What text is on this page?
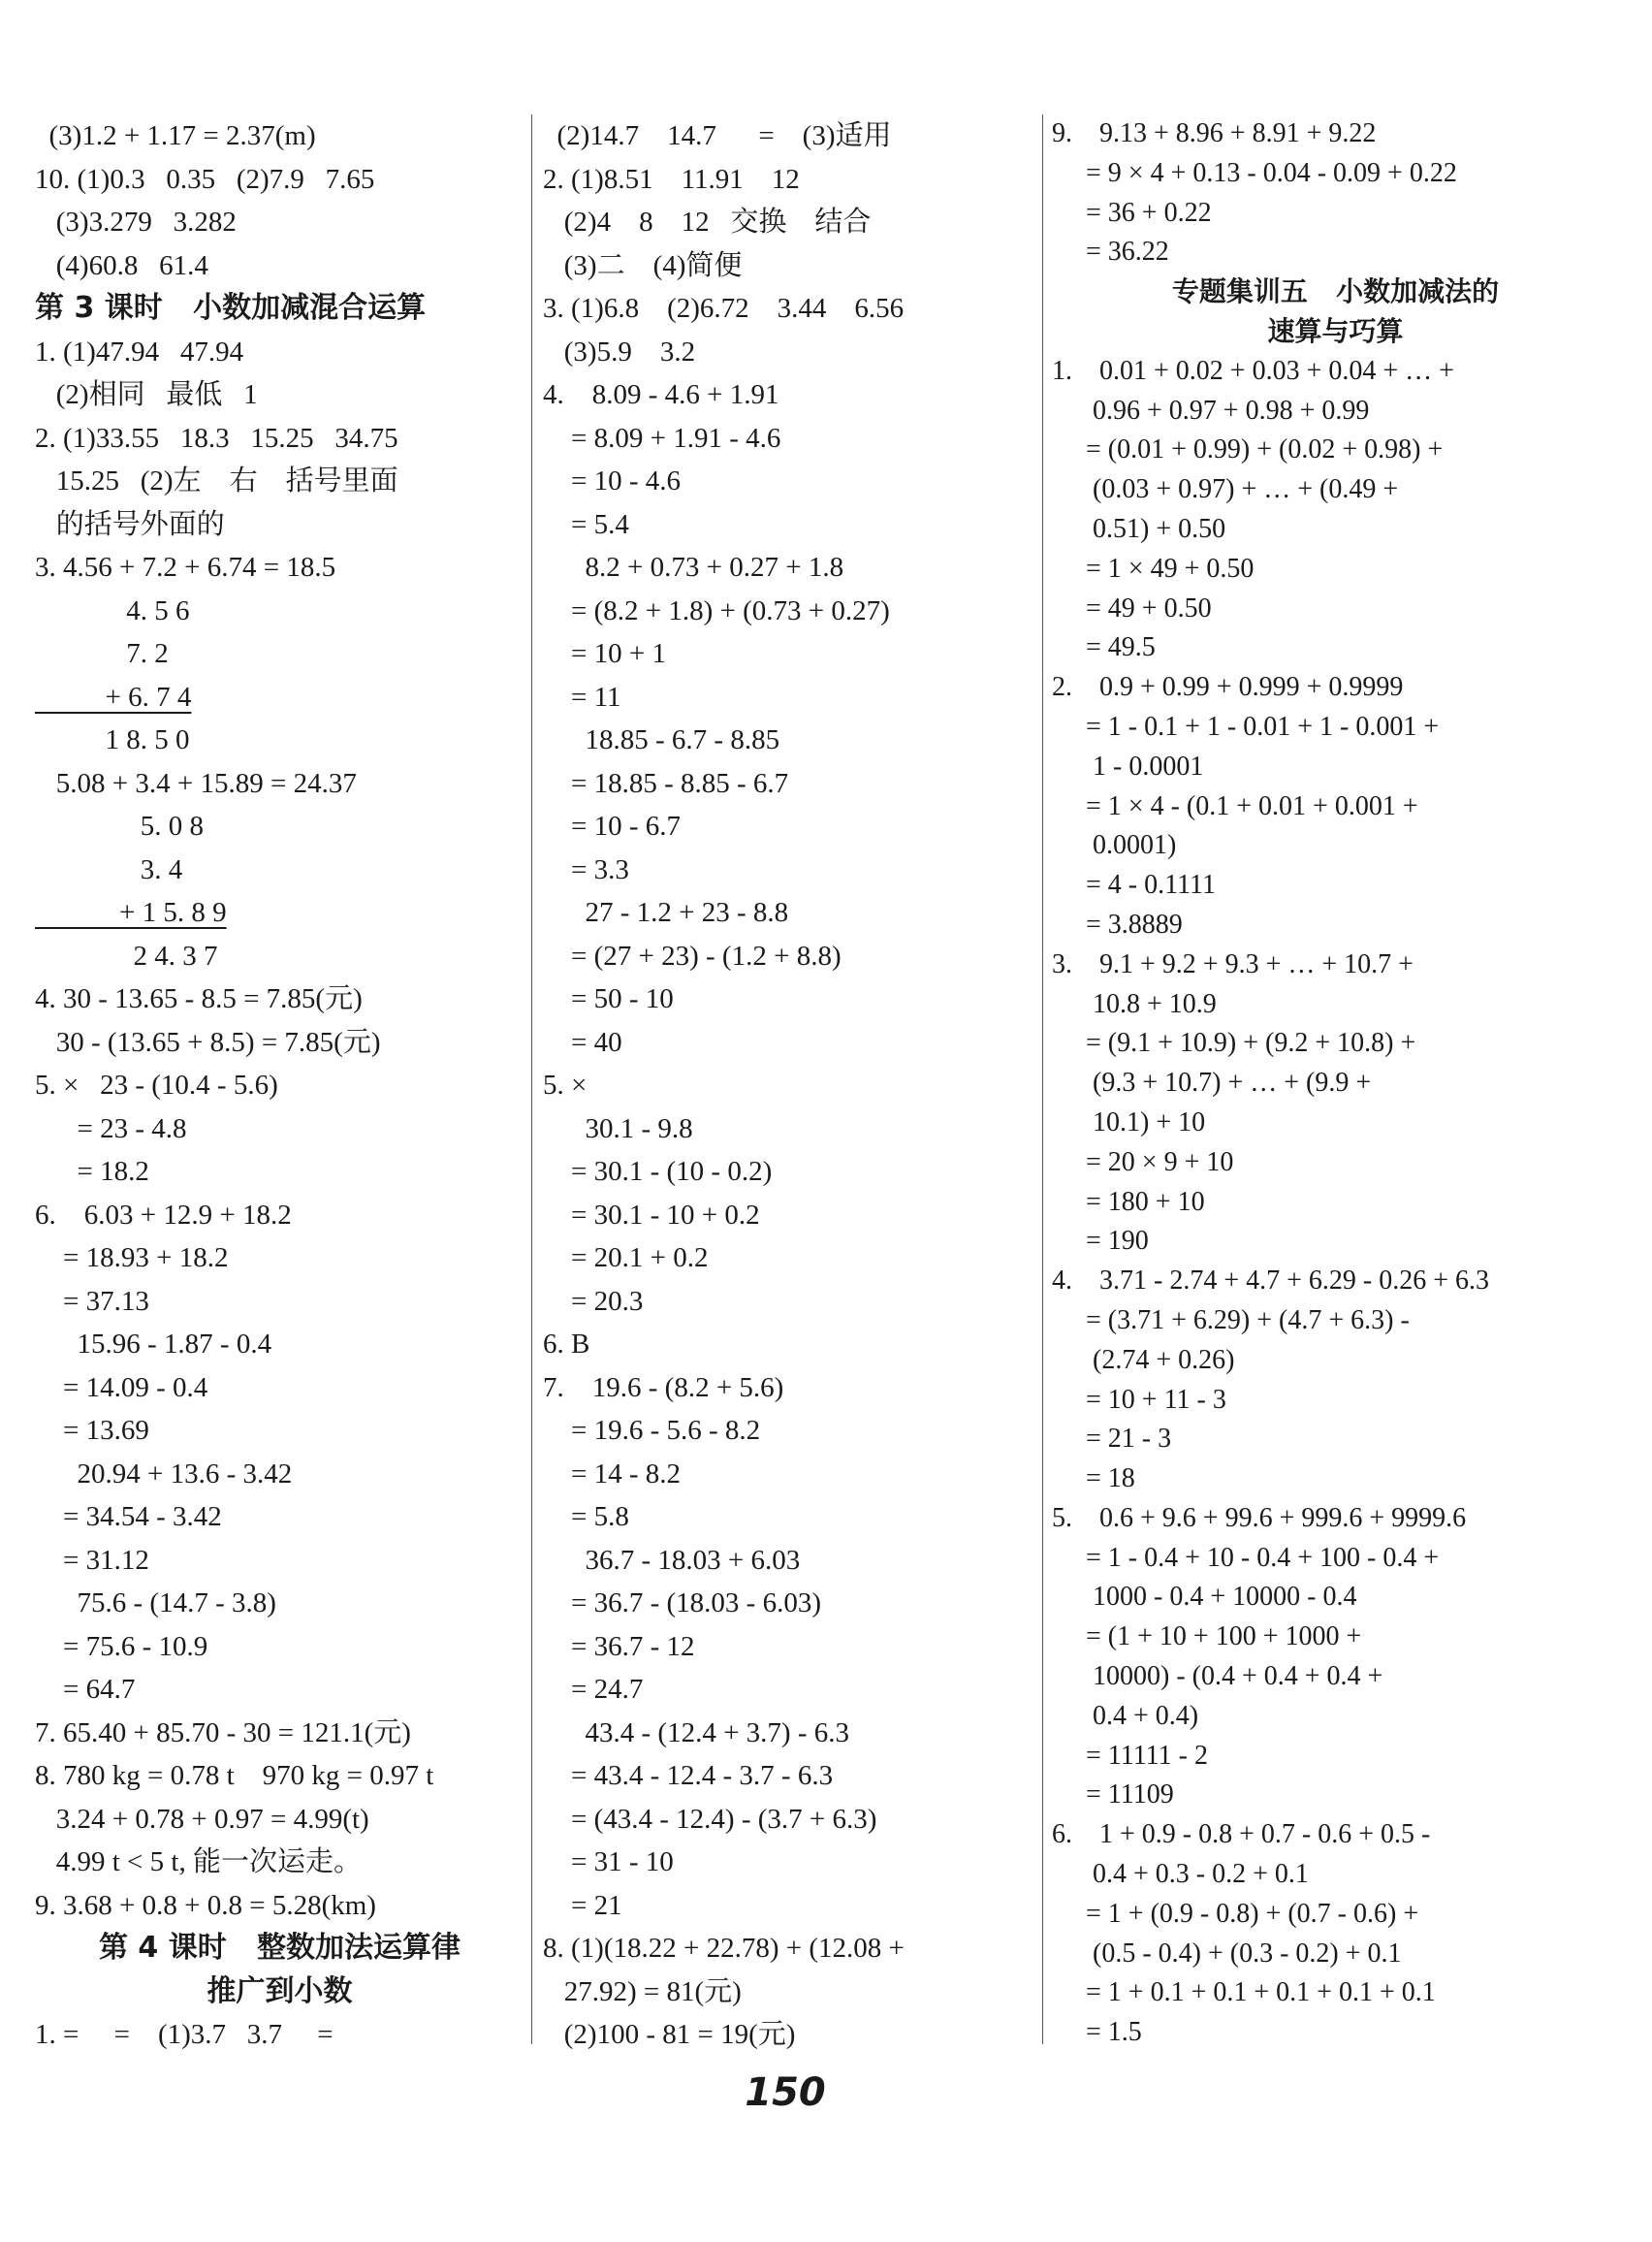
(3)1.2 + 1.17 = 2.37(m)
10. (1)0.3   0.35   (2)7.9   7.65
(3)3.279   3.282
(4)60.8   61.4
第 3 课时   小数加减混合运算
1. (1)47.94   47.94
(2)相同   最低   1
2. (1)33.55   18.3   15.25   34.75
15.25   (2)左    右    括号里面
的括号外面的
3. 4.56 + 7.2 + 6.74 = 18.5
4. 5 6
7. 2
+ 6. 7 4
1 8. 5 0
5.08 + 3.4 + 15.89 = 24.37
5. 0 8
3. 4
+ 1 5. 8 9
2 4. 3 7
4. 30 - 13.65 - 8.5 = 7.85(元)
30 - (13.65 + 8.5) = 7.85(元)
5. ×   23 - (10.4 - 5.6)
= 23 - 4.8
= 18.2
6.    6.03 + 12.9 + 18.2
= 18.93 + 18.2
= 37.13
15.96 - 1.87 - 0.4
= 14.09 - 0.4
= 13.69
20.94 + 13.6 - 3.42
= 34.54 - 3.42
= 31.12
75.6 - (14.7 - 3.8)
= 75.6 - 10.9
= 64.7
7. 65.40 + 85.70 - 30 = 121.1(元)
8. 780 kg = 0.78 t    970 kg = 0.97 t
3.24 + 0.78 + 0.97 = 4.99(t)
4.99 t < 5 t, 能一次运走。
9. 3.68 + 0.8 + 0.8 = 5.28(km)
第 4 课时   整数加法运算律
推广到小数
1. =     =    (1)3.7   3.7     =
(2)14.7    14.7      =    (3)适用
2. (1)8.51    11.91    12
(2)4    8    12   交换    结合
(3)二    (4)简便
3. (1)6.8    (2)6.72    3.44    6.56
(3)5.9    3.2
4.    8.09 - 4.6 + 1.91
= 8.09 + 1.91 - 4.6
= 10 - 4.6
= 5.4
8.2 + 0.73 + 0.27 + 1.8
= (8.2 + 1.8) + (0.73 + 0.27)
= 10 + 1
= 11
18.85 - 6.7 - 8.85
= 18.85 - 8.85 - 6.7
= 10 - 6.7
= 3.3
27 - 1.2 + 23 - 8.8
= (27 + 23) - (1.2 + 8.8)
= 50 - 10
= 40
5. ×
30.1 - 9.8
= 30.1 - (10 - 0.2)
= 30.1 - 10 + 0.2
= 20.1 + 0.2
= 20.3
6. B
7.    19.6 - (8.2 + 5.6)
= 19.6 - 5.6 - 8.2
= 14 - 8.2
= 5.8
36.7 - 18.03 + 6.03
= 36.7 - (18.03 - 6.03)
= 36.7 - 12
= 24.7
43.4 - (12.4 + 3.7) - 6.3
= 43.4 - 12.4 - 3.7 - 6.3
= (43.4 - 12.4) - (3.7 + 6.3)
= 31 - 10
= 21
8. (1)(18.22 + 22.78) + (12.08 +
27.92) = 81(元)
(2)100 - 81 = 19(元)
9.    9.13 + 8.96 + 8.91 + 9.22
= 9 × 4 + 0.13 - 0.04 - 0.09 + 0.22
= 36 + 0.22
= 36.22
专题集训五   小数加减法的
速算与巧算
1.    0.01 + 0.02 + 0.03 + 0.04 + … +
0.96 + 0.97 + 0.98 + 0.99
= (0.01 + 0.99) + (0.02 + 0.98) +
(0.03 + 0.97) + … + (0.49 +
0.51) + 0.50
= 1 × 49 + 0.50
= 49 + 0.50
= 49.5
2.    0.9 + 0.99 + 0.999 + 0.9999
= 1 - 0.1 + 1 - 0.01 + 1 - 0.001 +
1 - 0.0001
= 1 × 4 - (0.1 + 0.01 + 0.001 +
0.0001)
= 4 - 0.1111
= 3.8889
3.    9.1 + 9.2 + 9.3 + … + 10.7 +
10.8 + 10.9
= (9.1 + 10.9) + (9.2 + 10.8) +
(9.3 + 10.7) + … + (9.9 +
10.1) + 10
= 20 × 9 + 10
= 180 + 10
= 190
4.    3.71 - 2.74 + 4.7 + 6.29 - 0.26 + 6.3
= (3.71 + 6.29) + (4.7 + 6.3) -
(2.74 + 0.26)
= 10 + 11 - 3
= 21 - 3
= 18
5.    0.6 + 9.6 + 99.6 + 999.6 + 9999.6
= 1 - 0.4 + 10 - 0.4 + 100 - 0.4 +
1000 - 0.4 + 10000 - 0.4
= (1 + 10 + 100 + 1000 +
10000) - (0.4 + 0.4 + 0.4 +
0.4 + 0.4)
= 11111 - 2
= 11109
6.    1 + 0.9 - 0.8 + 0.7 - 0.6 + 0.5 -
0.4 + 0.3 - 0.2 + 0.1
= 1 + (0.9 - 0.8) + (0.7 - 0.6) +
(0.5 - 0.4) + (0.3 - 0.2) + 0.1
= 1 + 0.1 + 0.1 + 0.1 + 0.1 + 0.1
= 1.5
150
